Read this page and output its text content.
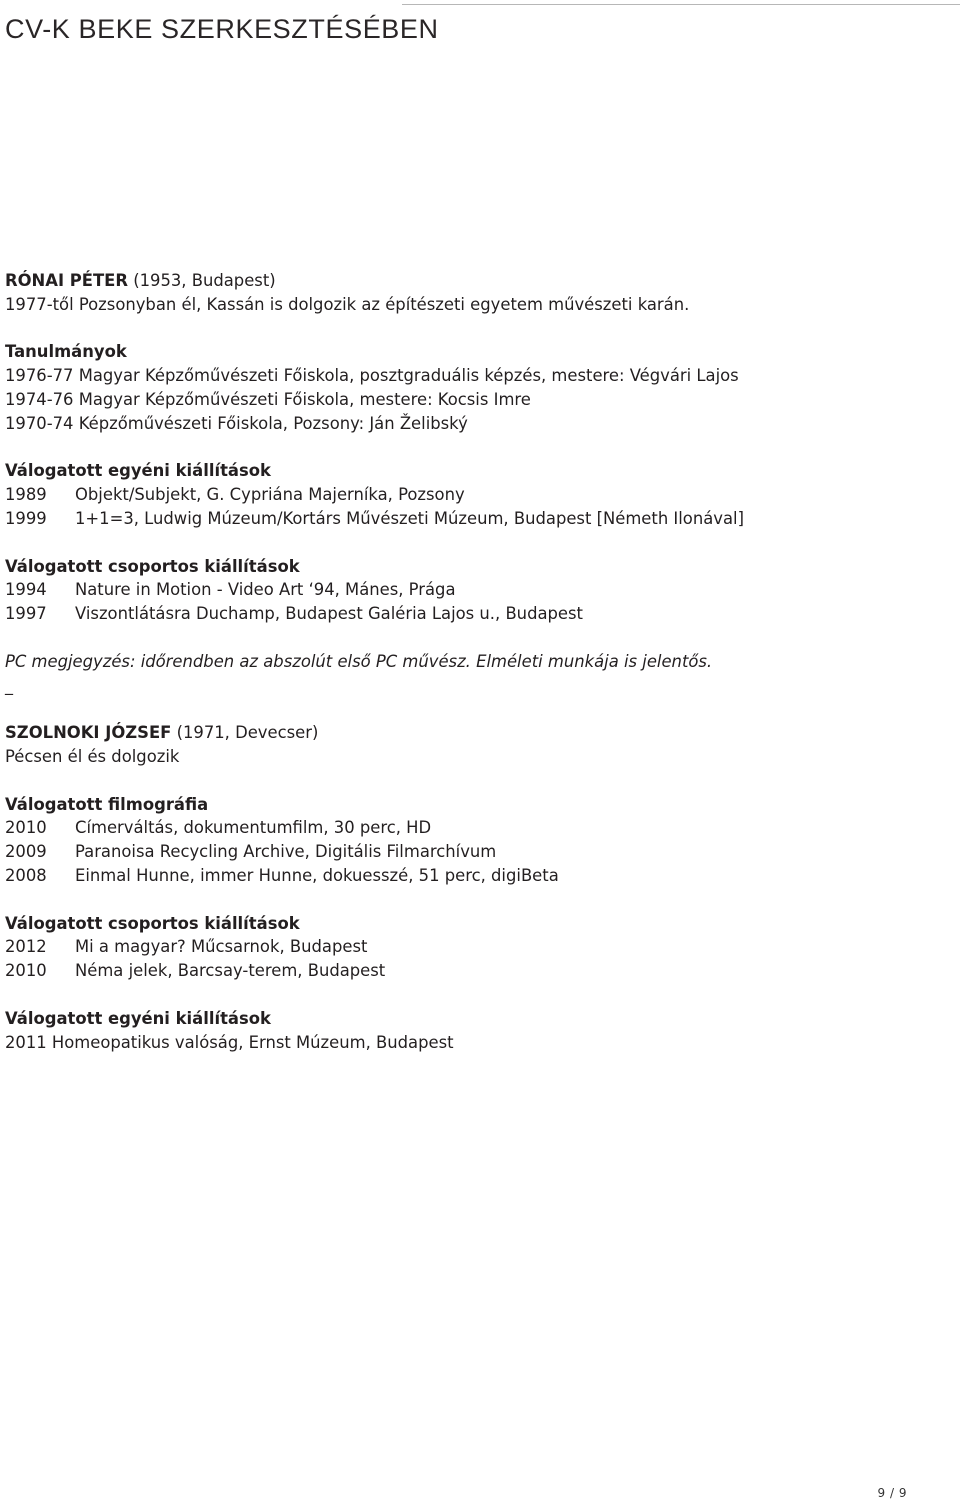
CV-K BEKE SZERKESZTÉSÉBEN

RÓNAI PÉTER (1953, Budapest)

1977-től Pozsonyban él, Kassán is dolgozik az építészeti egyetem művészeti karán.

Tanulmányok

1976-77 Magyar Képzőművészeti Főiskola, posztgraduális képzés, mestere: Végvári Lajos

1974-76 Magyar Képzőművészeti Főiskola, mestere: Kocsis Imre

1970-74 Képzőművészeti Főiskola, Pozsony: Ján Želibský

Válogatott egyéni kiállítások

1989 Objekt/Subjekt, G. Cypriána Majerníka, Pozsony

1999 1+1=3, Ludwig Múzeum/Kortárs Művészeti Múzeum, Budapest [Németh Ilonával]

Válogatott csoportos kiállítások

1994 Nature in Motion - Video Art ‘94, Mánes, Prága

1997 Viszontlátásra Duchamp, Budapest Galéria Lajos u., Budapest

PC megjegyzés: időrendben az abszolút első PC művész. Elméleti munkája is jelentős.

_

SZOLNOKI JÓZSEF (1971, Devecser)

Pécsen él és dolgozik

Válogatott filmográfia

2010 Címerváltás, dokumentumfilm, 30 perc, HD

2009 Paranoisa Recycling Archive, Digitális Filmarchívum

2008 Einmal Hunne, immer Hunne, dokuesszé, 51 perc, digiBeta

Válogatott csoportos kiállítások

2012 Mi a magyar? Műcsarnok, Budapest

2010 Néma jelek, Barcsay-terem, Budapest

Válogatott egyéni kiállítások

2011 Homeopatikus valóság, Ernst Múzeum, Budapest

9 / 9
